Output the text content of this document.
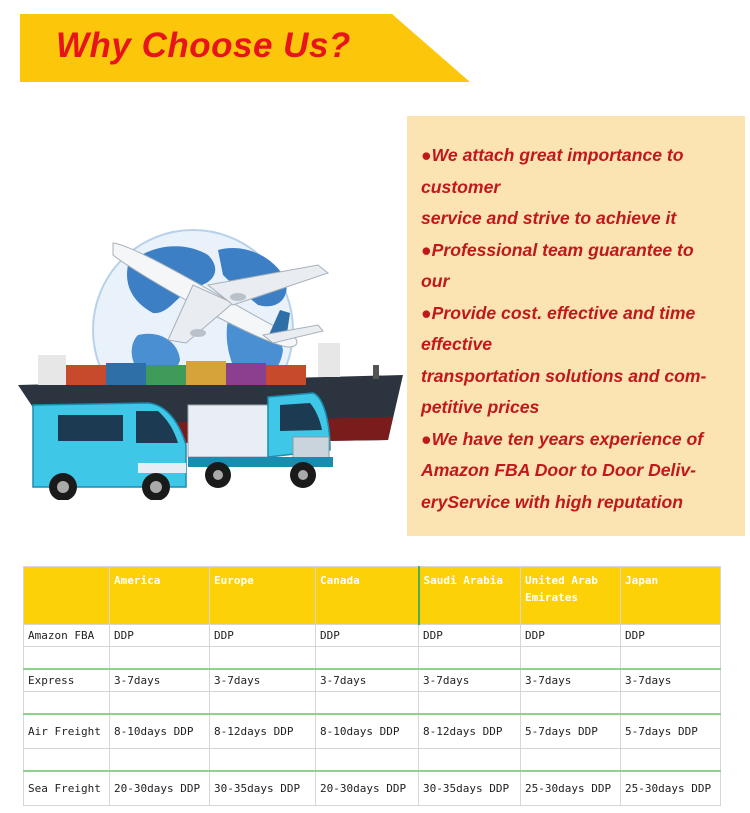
Why Choose Us?
●We attach great importance to
customer
service and strive to achieve it
●Professional team guarantee to
our
●Provide cost. effective and time
effective
transportation solutions and com-
petitive prices
●We have ten years experience of
Amazon FBA Door to Door Deliv-
eryService with high reputation
	America	Europe	Canada	Saudi Arabia	United Arab Emirates	Japan
Amazon FBA	DDP	DDP	DDP	DDP	DDP	DDP

Express	3-7days	3-7days	3-7days	3-7days	3-7days	3-7days

Air Freight	8-10days DDP	8-12days DDP	8-10days DDP	8-12days DDP	5-7days DDP	5-7days DDP

Sea Freight	20-30days DDP	30-35days DDP	20-30days DDP	30-35days DDP	25-30days DDP	25-30days DDP
